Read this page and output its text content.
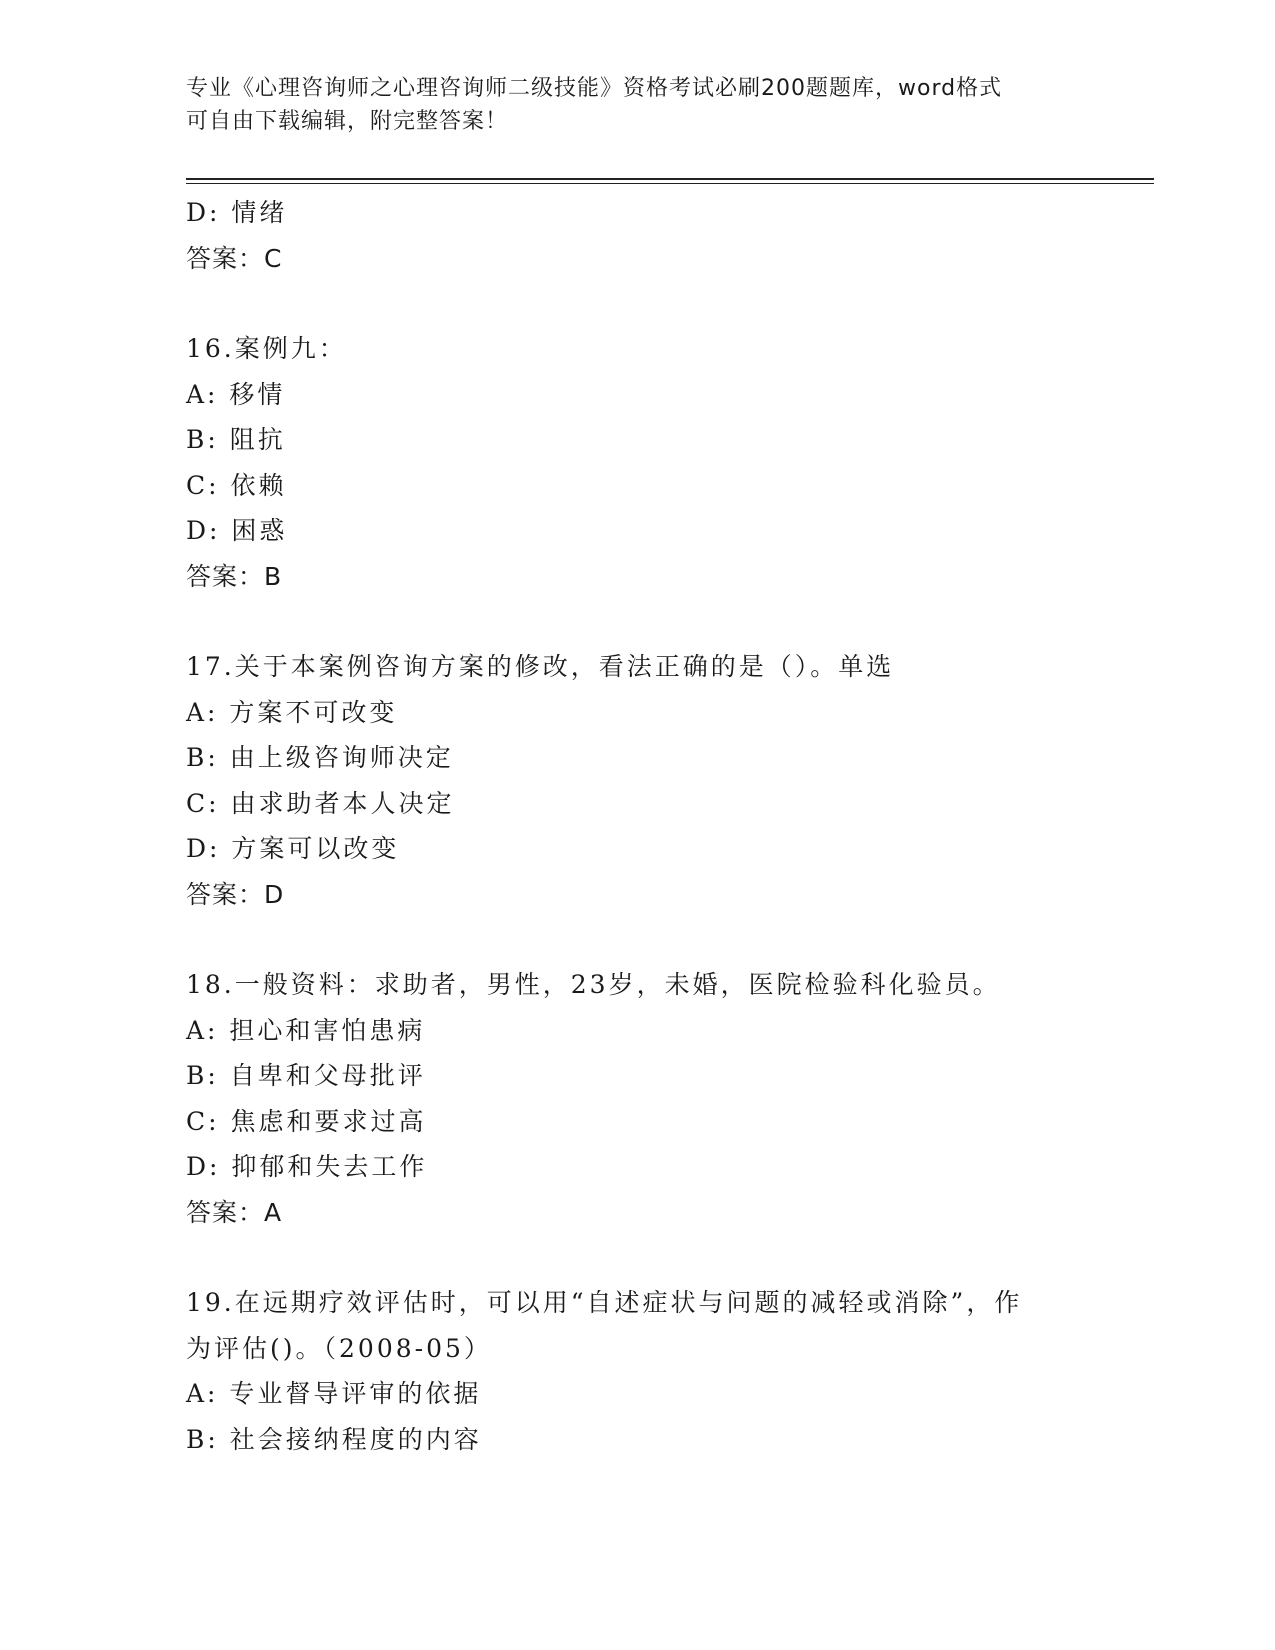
专业《心理咨询师之心理咨询师二级技能》资格考试必刷200题题库，word格式
可自由下载编辑，附完整答案！
D: 情绪
答案：C
16.案例九：
A: 移情
B: 阻抗
C: 依赖
D: 困惑
答案：B
17.关于本案例咨询方案的修改，看法正确的是（）。单选
A: 方案不可改变
B: 由上级咨询师决定
C: 由求助者本人决定
D: 方案可以改变
答案：D
18.一般资料：求助者，男性，23岁，未婚，医院检验科化验员。
A: 担心和害怕患病
B: 自卑和父母批评
C: 焦虑和要求过高
D: 抑郁和失去工作
答案：A
19.在远期疗效评估时，可以用“自述症状与问题的减轻或消除”，作
为评估()。（2008-05）
A: 专业督导评审的依据
B: 社会接纳程度的内容
